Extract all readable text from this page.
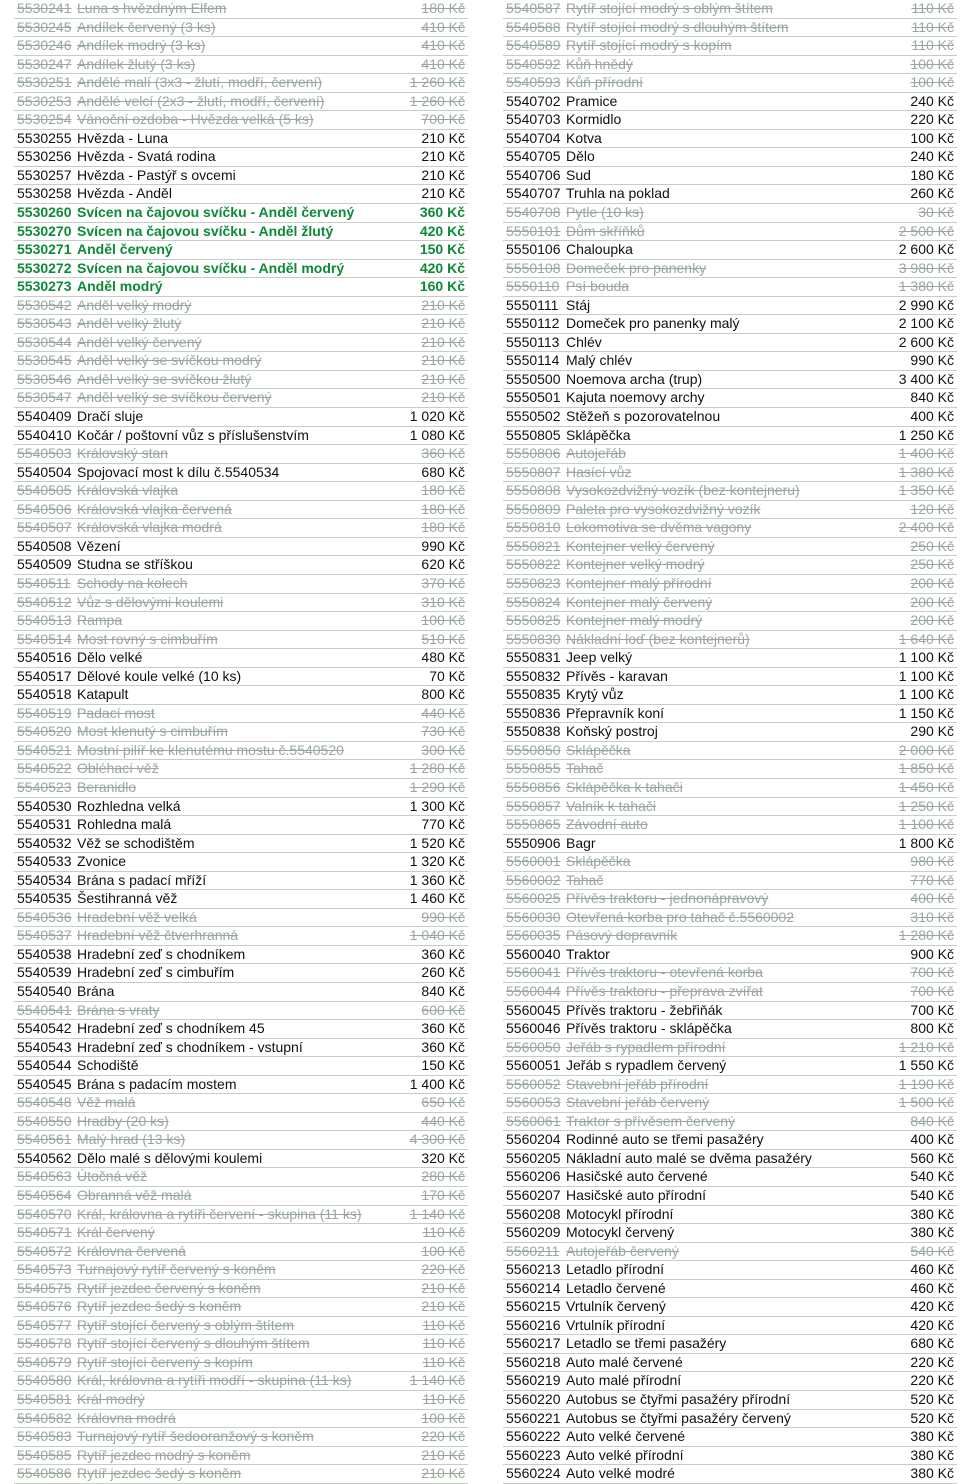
5530241	Luna s hvězdným Elfem	180 Kč
5530245	Andílek červený (3 ks)	410 Kč
5530246	Andílek modrý (3 ks)	410 Kč
5530247	Andílek žlutý (3 ks)	410 Kč
5530251	Andělé malí (3x3 - žlutí, modří, červení)	1 260 Kč
5530253	Andělé velcí (2x3 - žlutí, modří, červení)	1 260 Kč
5530254	Vánoční ozdoba - Hvězda velká (5 ks)	700 Kč
5530255	Hvězda - Luna	210 Kč
5530256	Hvězda - Svatá rodina	210 Kč
5530257	Hvězda - Pastýř s ovcemi	210 Kč
5530258	Hvězda - Anděl	210 Kč
5530260	Svícen na čajovou svíčku - Anděl červený	360 Kč
5530270	Svícen na čajovou svíčku - Anděl žlutý	420 Kč
5530271	Anděl červený	150 Kč
5530272	Svícen na čajovou svíčku - Anděl modrý	420 Kč
5530273	Anděl modrý	160 Kč
5530542	Anděl velký modrý	210 Kč
5530543	Anděl velký žlutý	210 Kč
5530544	Anděl velký červený	210 Kč
5530545	Anděl velký se svíčkou modrý	210 Kč
5530546	Anděl velký se svíčkou žlutý	210 Kč
5530547	Anděl velký se svíčkou červený	210 Kč
5540409	Dračí sluje	1 020 Kč
5540410	Kočár / poštovní vůz s příslušenstvím	1 080 Kč
5540503	Královský stan	360 Kč
5540504	Spojovací most k dílu č.5540534	680 Kč
5540505	Královská vlajka	180 Kč
5540506	Královská vlajka červená	180 Kč
5540507	Královská vlajka modrá	180 Kč
5540508	Vězení	990 Kč
5540509	Studna se stříškou	620 Kč
5540511	Schody na kolech	370 Kč
5540512	Vůz s dělovými koulemi	310 Kč
5540513	Rampa	100 Kč
5540514	Most rovný s cimbuřím	510 Kč
5540516	Dělo velké	480 Kč
5540517	Dělové koule velké (10 ks)	70 Kč
5540518	Katapult	800 Kč
5540519	Padací most	440 Kč
5540520	Most klenutý s cimbuřím	730 Kč
5540521	Mostní pilíř ke klenutému mostu č.5540520	300 Kč
5540522	Obléhací věž	1 280 Kč
5540523	Beranidlo	1 290 Kč
5540530	Rozhledna velká	1 300 Kč
5540531	Rohledna malá	770 Kč
5540532	Věž se schodištěm	1 520 Kč
5540533	Zvonice	1 320 Kč
5540534	Brána s padací mříží	1 360 Kč
5540535	Šestihranná věž	1 460 Kč
5540536	Hradební věž velká	990 Kč
5540537	Hradební věž čtverhranná	1 040 Kč
5540538	Hradební zeď s chodníkem	360 Kč
5540539	Hradební zeď s cimbuřím	260 Kč
5540540	Brána	840 Kč
5540541	Brána s vraty	600 Kč
5540542	Hradební zeď s chodníkem 45	360 Kč
5540543	Hradební zeď s chodníkem - vstupní	360 Kč
5540544	Schodiště	150 Kč
5540545	Brána s padacím mostem	1 400 Kč
5540548	Věž malá	650 Kč
5540550	Hradby (20 ks)	440 Kč
5540561	Malý hrad (13 ks)	4 300 Kč
5540562	Dělo malé s dělovými koulemi	320 Kč
5540563	Útočná věž	280 Kč
5540564	Obranná věž malá	170 Kč
5540570	Král, královna a rytíři červení - skupina (11 ks)	1 140 Kč
5540571	Král červený	110 Kč
5540572	Královna červená	100 Kč
5540573	Turnajový rytíř červený s koněm	220 Kč
5540575	Rytíř jezdec červený s koněm	210 Kč
5540576	Rytíř jezdec šedý s koněm	210 Kč
5540577	Rytíř stojící červený s oblým štítem	110 Kč
5540578	Rytíř stojící červený s dlouhým štítem	110 Kč
5540579	Rytíř stojící červený s kopím	110 Kč
5540580	Král, královna a rytíři modří - skupina (11 ks)	1 140 Kč
5540581	Král modrý	110 Kč
5540582	Královna modrá	100 Kč
5540583	Turnajový rytíř šedooranžový s koněm	220 Kč
5540585	Rytíř jezdec modrý s koněm	210 Kč
5540586	Rytíř jezdec šedý s koněm	210 Kč
5540587	Rytíř stojící modrý s oblým štítem	110 Kč
5540588	Rytíř stojící modrý s dlouhým štítem	110 Kč
5540589	Rytíř stojící modrý s kopím	110 Kč
5540592	Kůň hnědý	100 Kč
5540593	Kůň přírodní	100 Kč
5540702	Pramice	240 Kč
5540703	Kormidlo	220 Kč
5540704	Kotva	100 Kč
5540705	Dělo	240 Kč
5540706	Sud	180 Kč
5540707	Truhla na poklad	260 Kč
5540708	Pytle (10 ks)	30 Kč
5550101	Dům skříňků	2 500 Kč
5550106	Chaloupka	2 600 Kč
5550108	Domeček pro panenky	3 980 Kč
5550110	Psí bouda	1 380 Kč
5550111	Stáj	2 990 Kč
5550112	Domeček pro panenky malý	2 100 Kč
5550113	Chlév	2 600 Kč
5550114	Malý chlév	990 Kč
5550500	Noemova archa (trup)	3 400 Kč
5550501	Kajuta noemovy archy	840 Kč
5550502	Stěžeň s pozorovatelnou	400 Kč
5550805	Sklápěčka	1 250 Kč
5550806	Autojeřáb	1 400 Kč
5550807	Hasící vůz	1 380 Kč
5550808	Vysokozdvižný vozík (bez kontejneru)	1 350 Kč
5550809	Paleta pro vysokozdvižný vozík	120 Kč
5550810	Lokomotiva se dvěma vagony	2 400 Kč
5550821	Kontejner velký červený	250 Kč
5550822	Kontejner velký modrý	250 Kč
5550823	Kontejner malý přírodní	200 Kč
5550824	Kontejner malý červený	200 Kč
5550825	Kontejner malý modrý	200 Kč
5550830	Nákladní loď (bez kontejnerů)	1 640 Kč
5550831	Jeep velký	1 100 Kč
5550832	Přívěs - karavan	1 100 Kč
5550835	Krytý vůz	1 100 Kč
5550836	Přepravník koní	1 150 Kč
5550838	Koňský postroj	290 Kč
5550850	Sklápěčka	2 000 Kč
5550855	Tahač	1 850 Kč
5550856	Sklápěčka k tahači	1 450 Kč
5550857	Valník k tahači	1 250 Kč
5550865	Závodní auto	1 100 Kč
5550906	Bagr	1 800 Kč
5560001	Sklápěčka	980 Kč
5560002	Tahač	770 Kč
5560025	Přívěs traktoru - jednonápravový	400 Kč
5560030	Otevřená korba pro tahač č.5560002	310 Kč
5560035	Pásový dopravník	1 280 Kč
5560040	Traktor	900 Kč
5560041	Přívěs traktoru - otevřená korba	700 Kč
5560044	Přívěs traktoru - přeprava zvířat	700 Kč
5560045	Přívěs traktoru - žebřiňák	700 Kč
5560046	Přívěs traktoru - sklápěčka	800 Kč
5560050	Jeřáb s rypadlem přírodní	1 210 Kč
5560051	Jeřáb s rypadlem červený	1 550 Kč
5560052	Stavební jeřáb přírodní	1 190 Kč
5560053	Stavební jeřáb červený	1 500 Kč
5560061	Traktor s přívěsem červený	840 Kč
5560204	Rodinné auto se třemi pasažéry	400 Kč
5560205	Nákladní auto malé se dvěma pasažéry	560 Kč
5560206	Hasičské auto červené	540 Kč
5560207	Hasičské auto přírodní	540 Kč
5560208	Motocykl přírodní	380 Kč
5560209	Motocykl červený	380 Kč
5560211	Autojeřáb červený	540 Kč
5560213	Letadlo přírodní	460 Kč
5560214	Letadlo červené	460 Kč
5560215	Vrtulník červený	420 Kč
5560216	Vrtulník přírodní	420 Kč
5560217	Letadlo se třemi pasažéry	680 Kč
5560218	Auto malé červené	220 Kč
5560219	Auto malé přírodní	220 Kč
5560220	Autobus se čtyřmi pasažéry přírodní	520 Kč
5560221	Autobus se čtyřmi pasažéry červený	520 Kč
5560222	Auto velké červené	380 Kč
5560223	Auto velké přírodní	380 Kč
5560224	Auto velké modré	380 Kč
